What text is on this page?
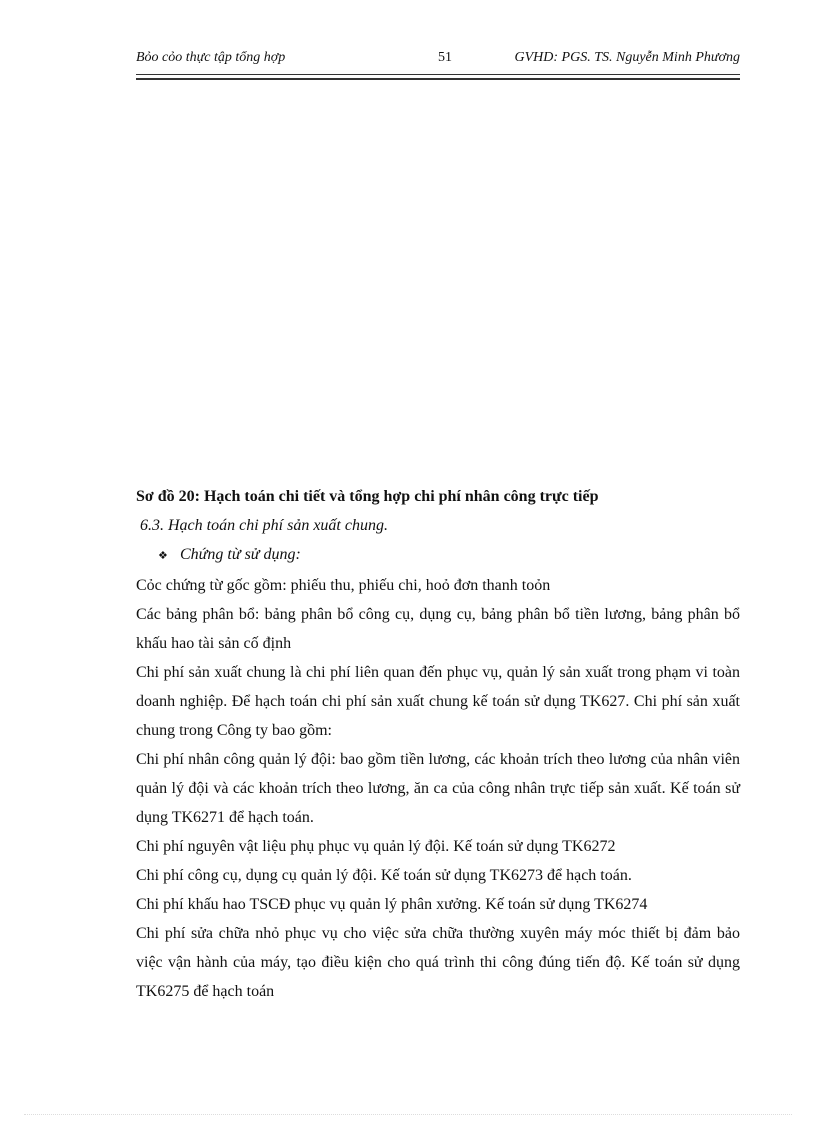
Bỏo cỏo thực tập tổng hợp	51	GVHD: PGS. TS. Nguyễn Minh Phương

Sơ đồ 20: Hạch toán chi tiết và tổng hợp chi phí nhân công trực tiếp

6.3. Hạch toán chi phí sản xuất chung.

❖ Chứng từ sử dụng:

Cỏc chứng từ gốc gồm: phiếu thu, phiếu chi, hoỏ đơn thanh toỏn

Các bảng phân bổ: bảng phân bổ công cụ, dụng cụ, bảng phân bổ tiền lương, bảng phân bổ khấu hao tài sản cố định

Chi phí sản xuất chung là chi phí liên quan đến phục vụ, quản lý sản xuất trong phạm vi toàn doanh nghiệp. Để hạch toán chi phí sản xuất chung kế toán sử dụng TK627. Chi phí sản xuất chung trong Công ty bao gồm:

Chi phí nhân công quản lý đội: bao gồm tiền lương, các khoản trích theo lương của nhân viên quản lý đội và các khoản trích theo lương, ăn ca của công nhân trực tiếp sản xuất. Kế toán sử dụng TK6271 để hạch toán.

Chi phí nguyên vật liệu phụ phục vụ quản lý đội. Kế toán sử dụng TK6272

Chi phí công cụ, dụng cụ quản lý đội. Kế toán sử dụng TK6273 để hạch toán.

Chi phí khấu hao TSCĐ phục vụ quản lý phân xưởng. Kế toán sử dụng TK6274

Chi phí sửa chữa nhỏ phục vụ cho việc sửa chữa thường xuyên máy móc thiết bị đảm bảo việc vận hành của máy, tạo điều kiện cho quá trình thi công đúng tiến độ. Kế toán sử dụng TK6275 để hạch toán
